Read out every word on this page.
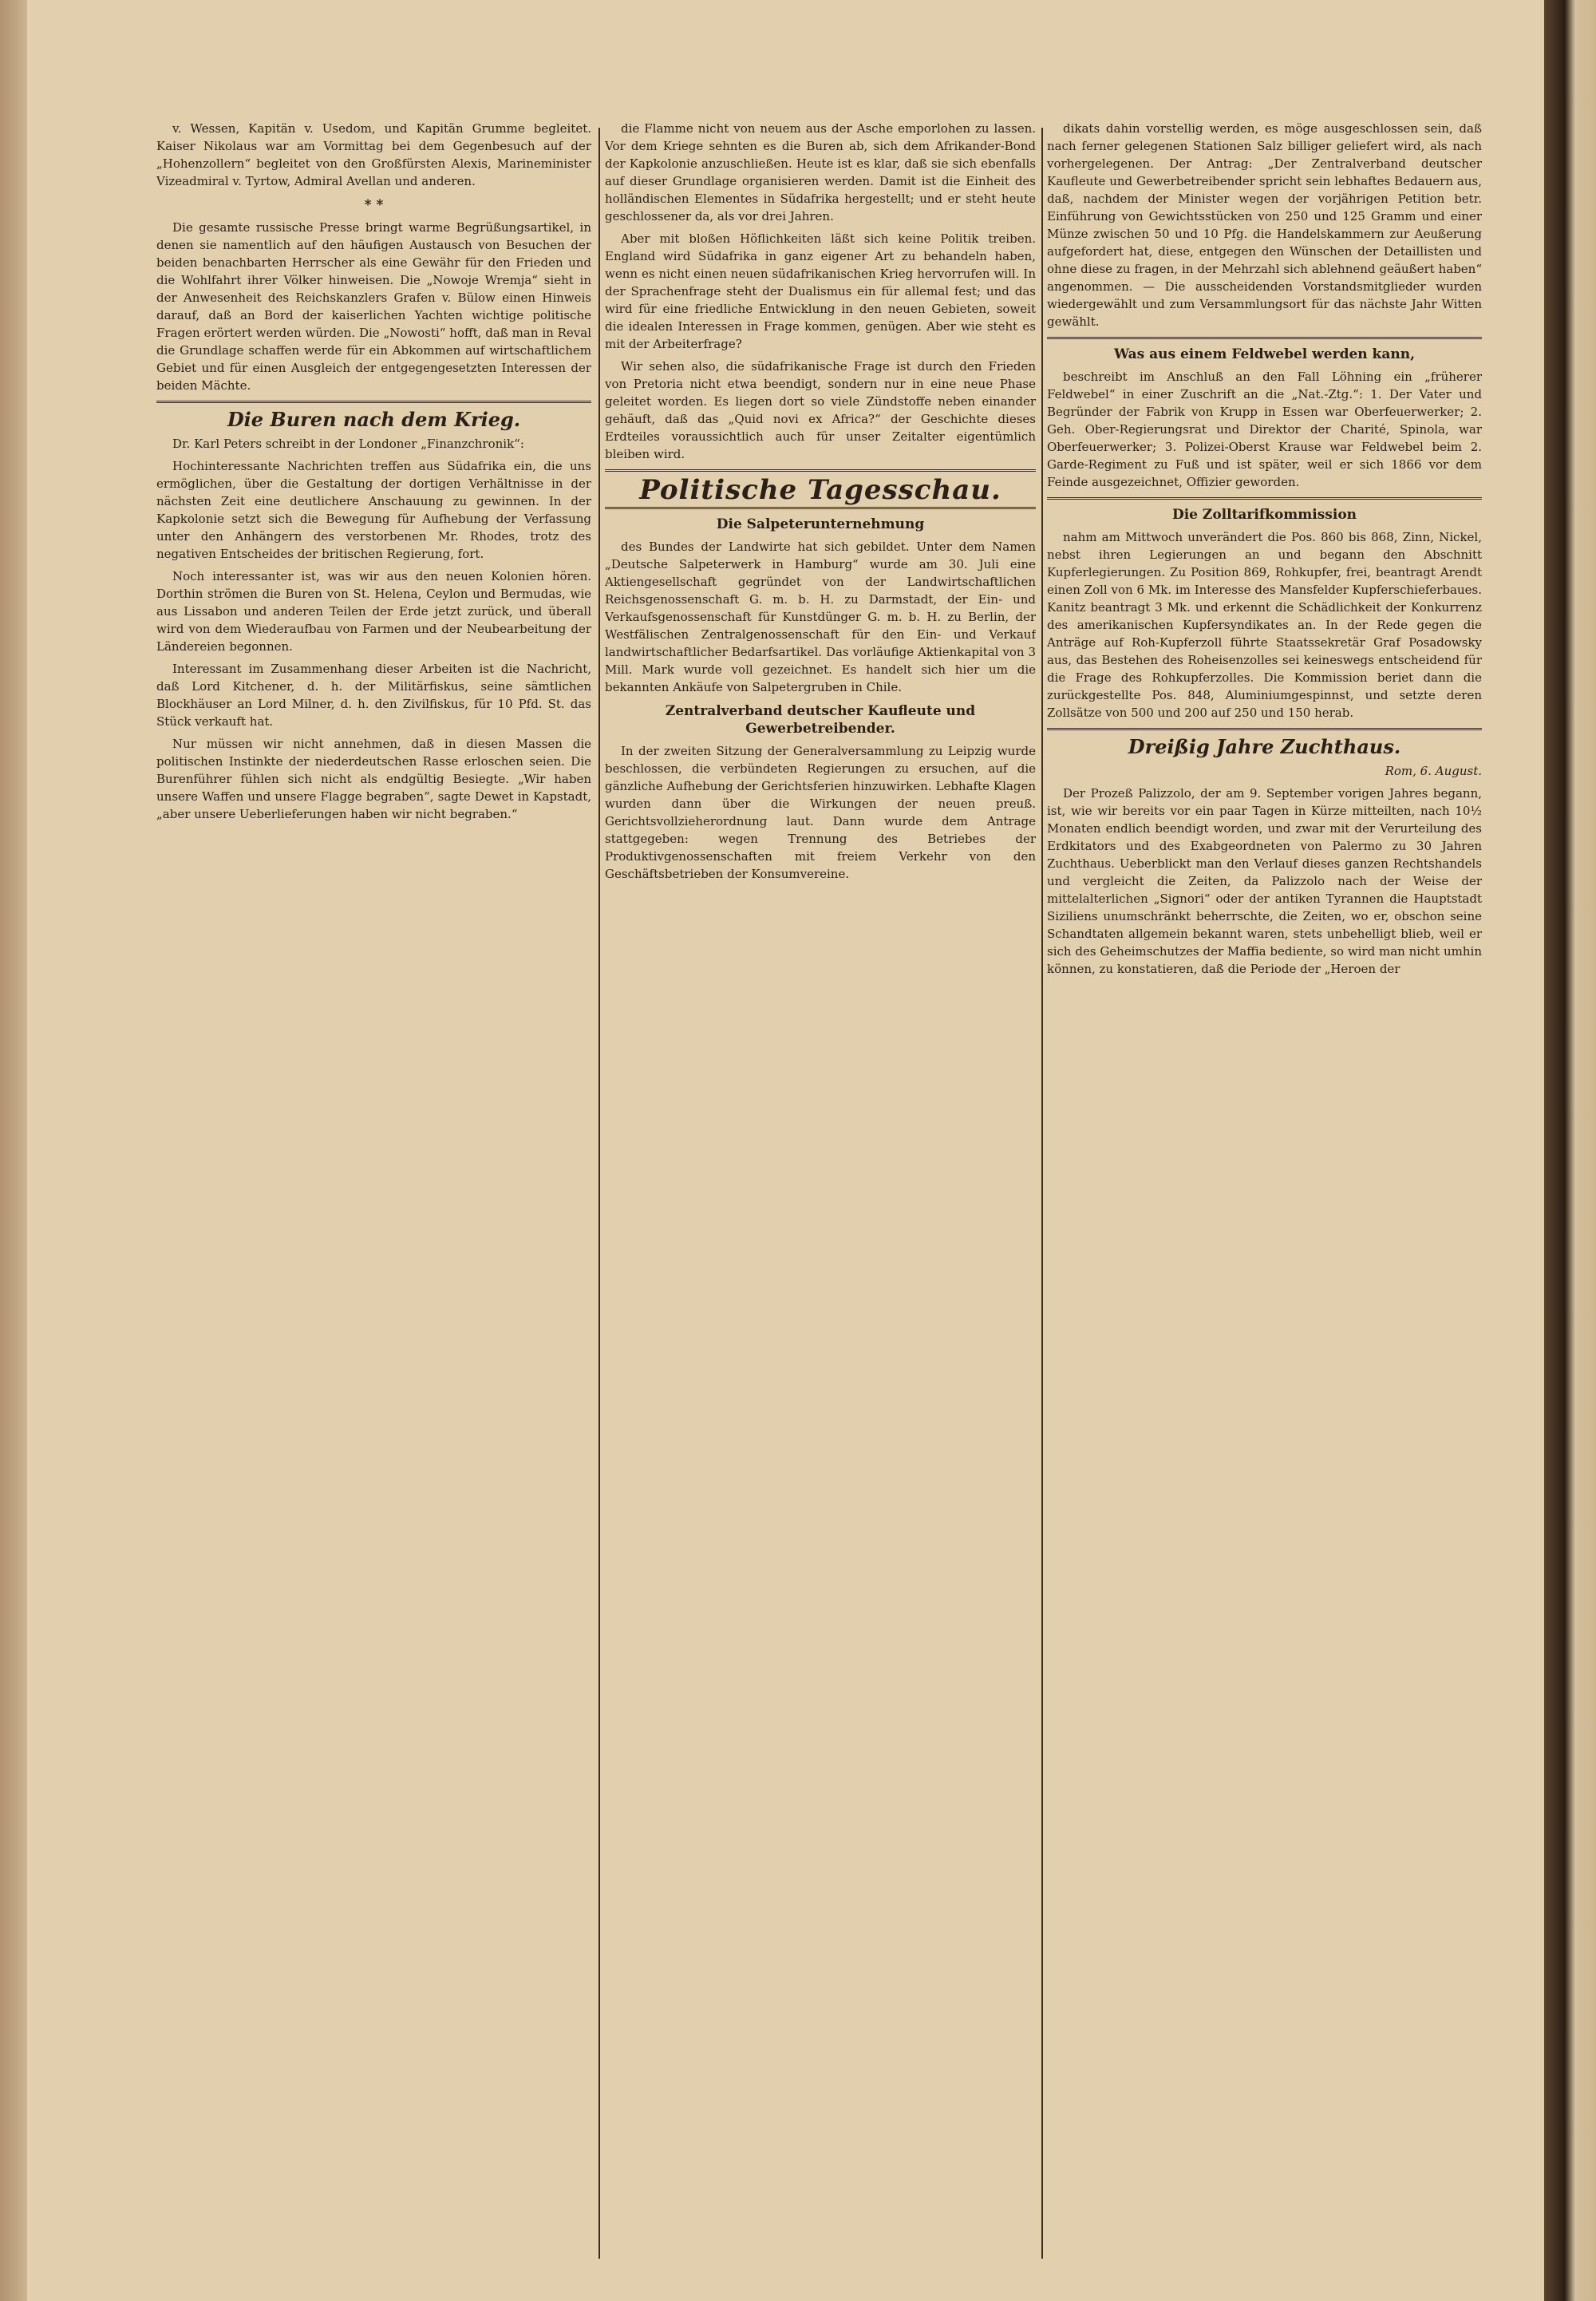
v. Wessen, Kapitän v. Usedom, und Kapitän Grumme begleitet. Kaiser Nikolaus war am Vormittag bei dem Gegenbesuch auf der „Hohenzollern“ begleitet von den Großfürsten Alexis, Marineminister Vizeadmiral v. Tyrtow, Admiral Avellan und anderen.

* *

Die gesamte russische Presse bringt warme Begrüßungsartikel, in denen sie namentlich auf den häufigen Austausch von Besuchen der beiden benachbarten Herrscher als eine Gewähr für den Frieden und die Wohlfahrt ihrer Völker hinweisen. Die „Nowoje Wremja“ sieht in der Anwesenheit des Reichskanzlers Grafen v. Bülow einen Hinweis darauf, daß an Bord der kaiserlichen Yachten wichtige politische Fragen erörtert werden würden. Die „Nowosti“ hofft, daß man in Reval die Grundlage schaffen werde für ein Abkommen auf wirtschaftlichem Gebiet und für einen Ausgleich der entgegengesetzten Interessen der beiden Mächte.

Die Buren nach dem Krieg.

Dr. Karl Peters schreibt in der Londoner „Finanzchronik“:

Hochinteressante Nachrichten treffen aus Südafrika ein, die uns ermöglichen, über die Gestaltung der dortigen Verhältnisse in der nächsten Zeit eine deutlichere Anschauung zu gewinnen. In der Kapkolonie setzt sich die Bewegung für Aufhebung der Verfassung unter den Anhängern des verstorbenen Mr. Rhodes, trotz des negativen Entscheides der britischen Regierung, fort.

Noch interessanter ist, was wir aus den neuen Kolonien hören. Dorthin strömen die Buren von St. Helena, Ceylon und Bermudas, wie aus Lissabon und anderen Teilen der Erde jetzt zurück, und überall wird von dem Wiederaufbau von Farmen und der Neubearbeitung der Ländereien begonnen.

Interessant im Zusammenhang dieser Arbeiten ist die Nachricht, daß Lord Kitchener, d. h. der Militärfiskus, seine sämtlichen Blockhäuser an Lord Milner, d. h. den Zivilfiskus, für 10 Pfd. St. das Stück verkauft hat.

Nur müssen wir nicht annehmen, daß in diesen Massen die politischen Instinkte der niederdeutschen Rasse erloschen seien. Die Burenführer fühlen sich nicht als endgültig Besiegte. „Wir haben unsere Waffen und unsere Flagge begraben“, sagte Dewet in Kapstadt, „aber unsere Ueberlieferungen haben wir nicht begraben.“

die Flamme nicht von neuem aus der Asche emporlohen zu lassen. Vor dem Kriege sehnten es die Buren ab, sich dem Afrikander-Bond der Kapkolonie anzuschließen. Heute ist es klar, daß sie sich ebenfalls auf dieser Grundlage organisieren werden. Damit ist die Einheit des holländischen Elementes in Südafrika hergestellt; und er steht heute geschlossener da, als vor drei Jahren.

Aber mit bloßen Höflichkeiten läßt sich keine Politik treiben. England wird Südafrika in ganz eigener Art zu behandeln haben, wenn es nicht einen neuen südafrikanischen Krieg hervorrufen will. In der Sprachenfrage steht der Dualismus ein für allemal fest; und das wird für eine friedliche Entwicklung in den neuen Gebieten, soweit die idealen Interessen in Frage kommen, genügen. Aber wie steht es mit der Arbeiterfrage?

Wir sehen also, die südafrikanische Frage ist durch den Frieden von Pretoria nicht etwa beendigt, sondern nur in eine neue Phase geleitet worden. Es liegen dort so viele Zündstoffe neben einander gehäuft, daß das „Quid novi ex Africa?“ der Geschichte dieses Erdteiles voraussichtlich auch für unser Zeitalter eigentümlich bleiben wird.

Politische Tagesschau.
Die Salpeterunternehmung

des Bundes der Landwirte hat sich gebildet. Unter dem Namen „Deutsche Salpeterwerk in Hamburg“ wurde am 30. Juli eine Aktiengesellschaft gegründet von der Landwirtschaftlichen Reichsgenossenschaft G. m. b. H. zu Darmstadt, der Ein- und Verkaufsgenossenschaft für Kunstdünger G. m. b. H. zu Berlin, der Westfälischen Zentralgenossenschaft für den Ein- und Verkauf landwirtschaftlicher Bedarfsartikel. Das vorläufige Aktienkapital von 3 Mill. Mark wurde voll gezeichnet. Es handelt sich hier um die bekannten Ankäufe von Salpetergruben in Chile.

Zentralverband deutscher Kaufleute und Gewerbetreibender.

In der zweiten Sitzung der Generalversammlung zu Leipzig wurde beschlossen, die verbündeten Regierungen zu ersuchen, auf die gänzliche Aufhebung der Gerichtsferien hinzuwirken. Lebhafte Klagen wurden dann über die Wirkungen der neuen preuß. Gerichtsvollzieherordnung laut. Dann wurde dem Antrage stattgegeben: wegen Trennung des Betriebes der Produktivgenossenschaften mit freiem Verkehr von den Geschäftsbetrieben der Konsumvereine.

dikats dahin vorstellig werden, es möge ausgeschlossen sein, daß nach ferner gelegenen Stationen Salz billiger geliefert wird, als nach vorhergelegenen. Der Antrag: „Der Zentralverband deutscher Kaufleute und Gewerbetreibender spricht sein lebhaftes Bedauern aus, daß, nachdem der Minister wegen der vorjährigen Petition betr. Einführung von Gewichtsstücken von 250 und 125 Gramm und einer Münze zwischen 50 und 10 Pfg. die Handelskammern zur Aeußerung aufgefordert hat, diese, entgegen den Wünschen der Detaillisten und ohne diese zu fragen, in der Mehrzahl sich ablehnend geäußert haben“ angenommen. — Die ausscheidenden Vorstandsmitglieder wurden wiedergewählt und zum Versammlungsort für das nächste Jahr Witten gewählt.

Was aus einem Feldwebel werden kann,

beschreibt im Anschluß an den Fall Löhning ein „früherer Feldwebel“ in einer Zuschrift an die „Nat.-Ztg.“: 1. Der Vater und Begründer der Fabrik von Krupp in Essen war Oberfeuerwerker; 2. Geh. Ober-Regierungsrat und Direktor der Charité, Spinola, war Oberfeuerwerker; 3. Polizei-Oberst Krause war Feldwebel beim 2. Garde-Regiment zu Fuß und ist später, weil er sich 1866 vor dem Feinde ausgezeichnet, Offizier geworden.

Die Zolltarifkommission

nahm am Mittwoch unverändert die Pos. 860 bis 868, Zinn, Nickel, nebst ihren Legierungen an und begann den Abschnitt Kupferlegierungen. Zu Position 869, Rohkupfer, frei, beantragt Arendt einen Zoll von 6 Mk. im Interesse des Mansfelder Kupferschieferbaues. Kanitz beantragt 3 Mk. und erkennt die Schädlichkeit der Konkurrenz des amerikanischen Kupfersyndikates an. In der Rede gegen die Anträge auf Roh-Kupferzoll führte Staatssekretär Graf Posadowsky aus, das Bestehen des Roheisenzolles sei keineswegs entscheidend für die Frage des Rohkupferzolles. Die Kommission beriet dann die zurückgestellte Pos. 848, Aluminiumgespinnst, und setzte deren Zollsätze von 500 und 200 auf 250 und 150 herab.

Dreißig Jahre Zuchthaus.

Rom, 6. August.

Der Prozeß Palizzolo, der am 9. September vorigen Jahres begann, ist, wie wir bereits vor ein paar Tagen in Kürze mitteilten, nach 10½ Monaten endlich beendigt worden, und zwar mit der Verurteilung des Erdkitators und des Exabgeordneten von Palermo zu 30 Jahren Zuchthaus. Ueberblickt man den Verlauf dieses ganzen Rechtshandels und vergleicht die Zeiten, da Palizzolo nach der Weise der mittelalterlichen „Signori“ oder der antiken Tyrannen die Hauptstadt Siziliens unumschränkt beherrschte, die Zeiten, wo er, obschon seine Schandtaten allgemein bekannt waren, stets unbehelligt blieb, weil er sich des Geheimschutzes der Maffia bediente, so wird man nicht umhin können, zu konstatieren, daß die Periode der „Heroen der
